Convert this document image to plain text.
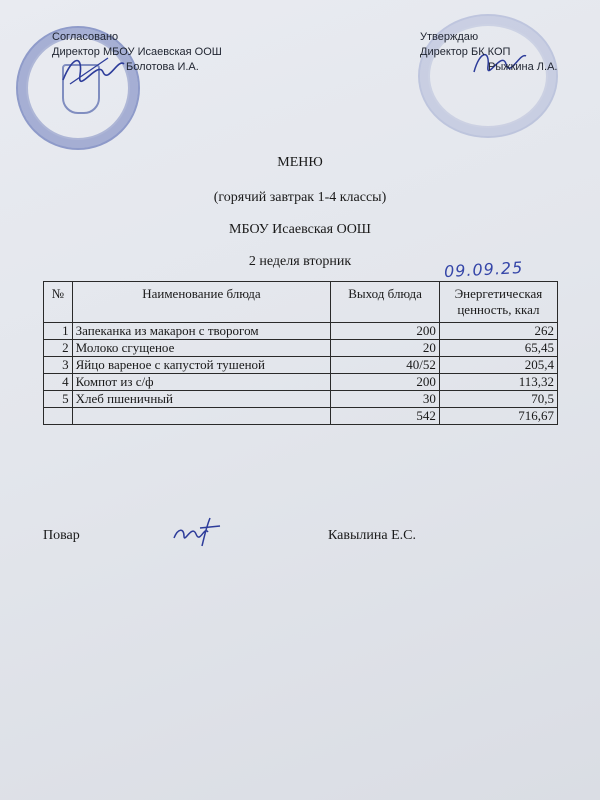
Согласовано
Директор МБОУ Исаевская ООШ
Болотова И.А.
Утверждаю
Директор БК КОП
Рыжкина Л.А.
МЕНЮ
(горячий завтрак 1-4 классы)
МБОУ Исаевская ООШ
2 неделя вторник	09.09.25
№	Наименование блюда	Выход блюда	Энергетическая ценность, ккал
1	Запеканка из макарон с творогом	200	262
2	Молоко сгущеное	20	65,45
3	Яйцо вареное с капустой тушеной	40/52	205,4
4	Компот из с/ф	200	113,32
5	Хлеб пшеничный	30	70,5
		542	716,67
Повар	Кавылина Е.С.
